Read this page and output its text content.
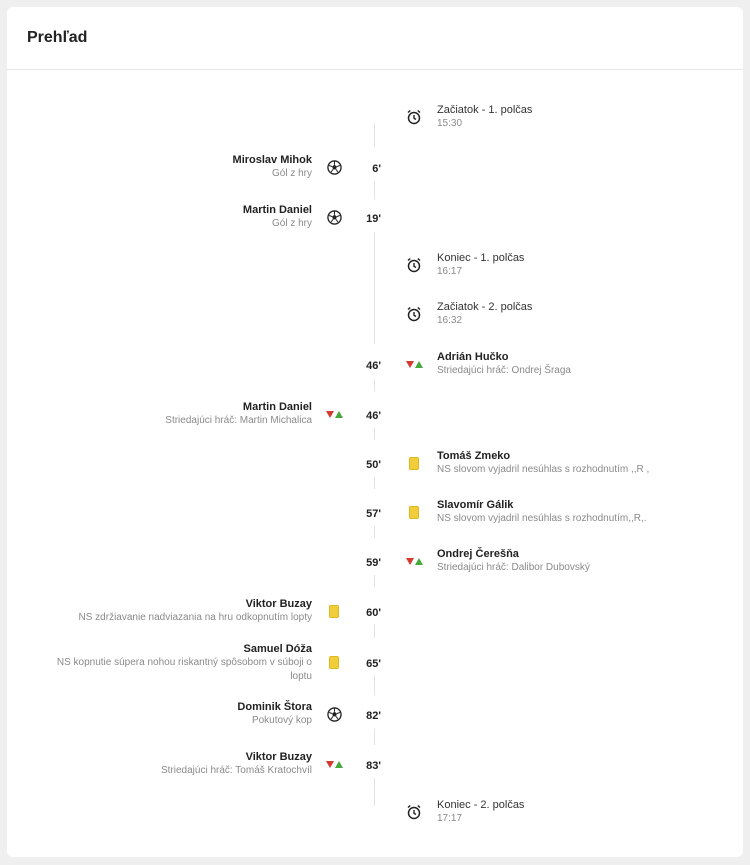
Prehľad
Začiatok - 1. polčas
15:30
Miroslav Mihok
Gól z hry	6'
Martin Daniel
Gól z hry	19'
Koniec - 1. polčas
16:17
Začiatok - 2. polčas
16:32
46'
Adrián Hučko
Striedajúci hráč: Ondrej Šraga
Martin Daniel
Striedajúci hráč: Martin Michalica	46'
50'
Tomáš Zmeko
NS slovom vyjadril nesúhlas s rozhodnutím ,,R ,
57'
Slavomír Gálik
NS slovom vyjadril nesúhlas s rozhodnutím,,R,.
59'
Ondrej Čerešňa
Striedajúci hráč: Dalibor Dubovský
Viktor Buzay
NS zdržiavanie nadviazania na hru odkopnutím lopty	60'
Samuel Dóža
NS kopnutie súpera nohou riskantný spôsobom v súboji o loptu
65'
Dominik Štora
Pokutový kop	82'
Viktor Buzay
Striedajúci hráč: Tomáš Kratochvíl	83'
Koniec - 2. polčas
17:17
